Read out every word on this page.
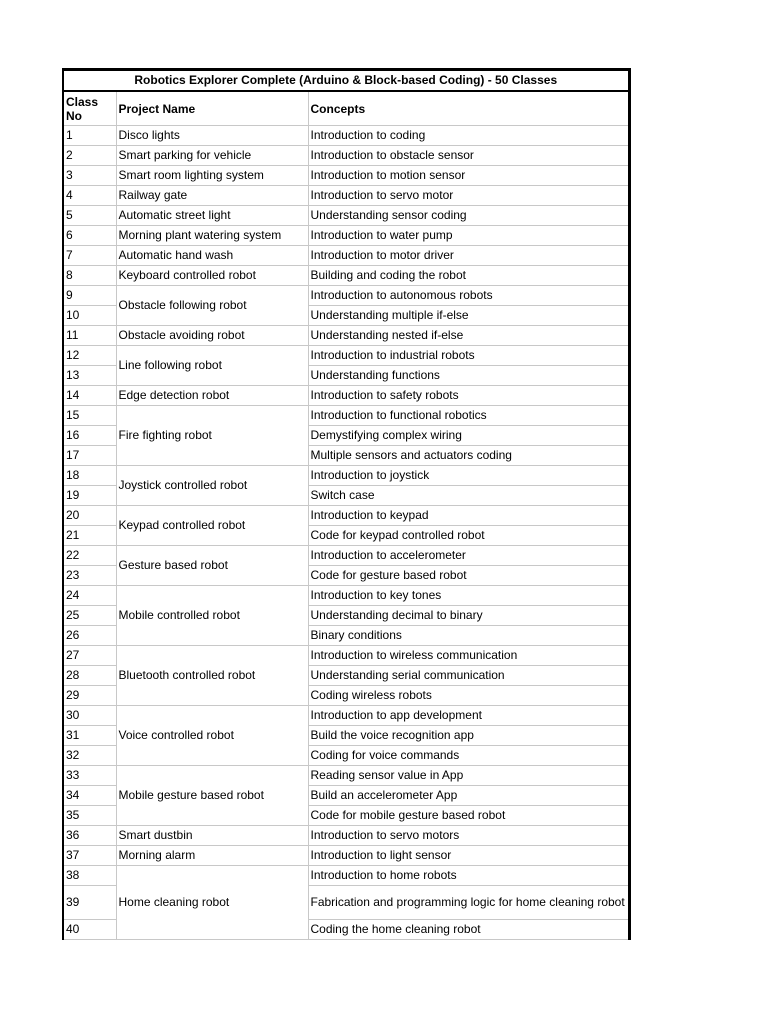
Robotics Explorer Complete (Arduino & Block-based Coding) - 50 Classes		
Class No	Project Name	Concepts
1	Disco lights	Introduction to coding
2	Smart parking for vehicle	Introduction to obstacle sensor
3	Smart room lighting system	Introduction to motion sensor
4	Railway gate	Introduction to servo motor
5	Automatic street light	Understanding sensor coding
6	Morning plant watering system	Introduction to water pump
7	Automatic hand wash	Introduction to motor driver
8	Keyboard controlled robot	Building and coding the robot
9	Obstacle following robot	Introduction to autonomous robots
10		Understanding multiple if-else
11	Obstacle avoiding robot	Understanding nested if-else
12	Line following robot	Introduction to industrial robots
13		Understanding functions
14	Edge detection robot	Introduction to safety robots
15	Fire fighting robot	Introduction to functional robotics
16		Demystifying complex wiring
17		Multiple sensors and actuators coding
18	Joystick controlled robot	Introduction to joystick
19		Switch case
20	Keypad controlled robot	Introduction to keypad
21		Code for keypad controlled robot
22	Gesture based robot	Introduction to accelerometer
23		Code for gesture based robot
24	Mobile controlled robot	Introduction to key tones
25		Understanding decimal to binary
26		Binary conditions
27	Bluetooth controlled robot	Introduction to wireless communication
28		Understanding serial communication
29		Coding wireless robots
30	Voice controlled robot	Introduction to app development
31		Build the voice recognition app
32		Coding for voice commands
33	Mobile gesture based robot	Reading sensor value in App
34		Build an accelerometer App
35		Code for mobile gesture based robot
36	Smart dustbin	Introduction to servo motors
37	Morning alarm	Introduction to light sensor
38	Home cleaning robot	Introduction to home robots
39		Fabrication and programming logic for home cleaning robot
40		Coding the home cleaning robot
